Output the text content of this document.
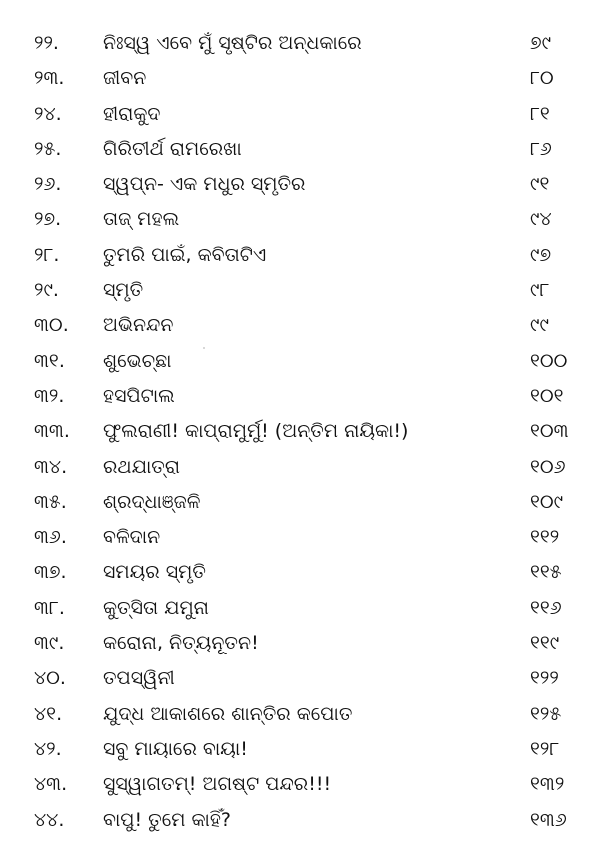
୨୨. ନିଃସ୍ୱ ଏବେ ମୁଁ ସୃଷ୍ଟିର ଅନ୍ଧକାରେ	୭୯
୨୩. ଜୀବନ	୮୦
୨୪. ହୀରାକୁଦ	୮୧
୨୫. ଗିରିତୀର୍ଥ ରାମରେଖା	୮୬
୨୬. ସ୍ୱପ୍ନ- ଏକ ମଧୁର ସ୍ମୃତିର	୯୧
୨୭. ତାଜ୍ ମହଲ	୯୪
୨୮. ତୁମରି ପାଇଁ, କବିତାଟିଏ	୯୭
୨୯. ସ୍ମୃତି	୯୮
୩୦. ଅଭିନନ୍ଦନ	୯୯
୩୧. ଶୁଭେଚ୍ଛା	୧୦୦
୩୨. ହସପିଟାଲ	୧୦୧
୩୩. ଫୁଲରାଣୀ! କାପ୍ରାମୁର୍ମୁ! (ଅନ୍ତିମ ନାୟିକା!)	୧୦୩
୩୪. ରଥଯାତ୍ରା	୧୦୬
୩୫. ଶ୍ରଦ୍ଧାଞ୍ଜଳି	୧୦୯
୩୬. ବଳିଦାନ	୧୧୨
୩୭. ସମୟର ସ୍ମୃତି	୧୧୫
୩୮. କୁତ୍ସିତା ଯମୁନା	୧୧୬
୩୯. କରୋନା, ନିତ୍ୟନୂତନ!	୧୧୯
୪୦. ତପସ୍ୱିନୀ	୧୨୨
୪୧. ଯୁଦ୍ଧ ଆକାଶରେ ଶାନ୍ତିର କପୋତ	୧୨୫
୪୨. ସବୁ ମାୟାରେ ବାୟା!	୧୨୮
୪୩. ସୁସ୍ୱାଗତମ୍! ଅଗଷ୍ଟ ପନ୍ଦର!!!	୧୩୨
୪୪. ବାପୁ! ତୁମେ କାହିଁ?	୧୩୬
